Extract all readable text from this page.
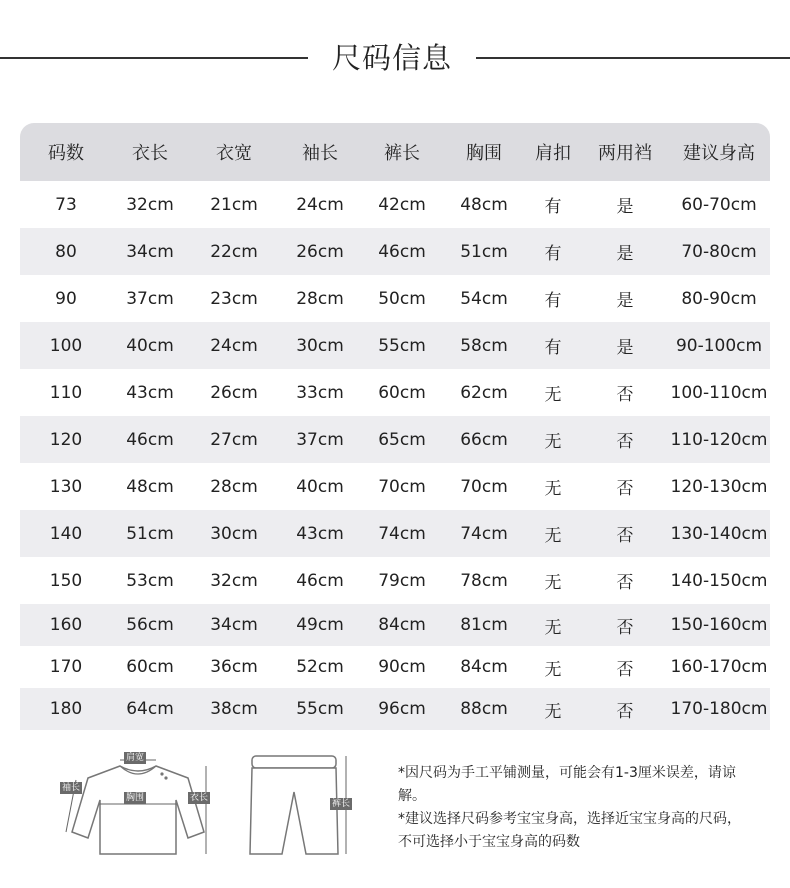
尺码信息
码数	衣长	衣宽	袖长	裤长	胸围	肩扣	两用裆	建议身高
73	32cm	21cm	24cm	42cm	48cm	有	是	60-70cm
80	34cm	22cm	26cm	46cm	51cm	有	是	70-80cm
90	37cm	23cm	28cm	50cm	54cm	有	是	80-90cm
100	40cm	24cm	30cm	55cm	58cm	有	是	90-100cm
110	43cm	26cm	33cm	60cm	62cm	无	否	100-110cm
120	46cm	27cm	37cm	65cm	66cm	无	否	110-120cm
130	48cm	28cm	40cm	70cm	70cm	无	否	120-130cm
140	51cm	30cm	43cm	74cm	74cm	无	否	130-140cm
150	53cm	32cm	46cm	79cm	78cm	无	否	140-150cm
160	56cm	34cm	49cm	84cm	81cm	无	否	150-160cm
170	60cm	36cm	52cm	90cm	84cm	无	否	160-170cm
180	64cm	38cm	55cm	96cm	88cm	无	否	170-180cm
肩宽
袖长
胸围	衣长
裤长

*因尺码为手工平铺测量，可能会有1-3厘米误差，请谅解。

*建议选择尺码参考宝宝身高，选择近宝宝身高的尺码，不可选择小于宝宝身高的码数
